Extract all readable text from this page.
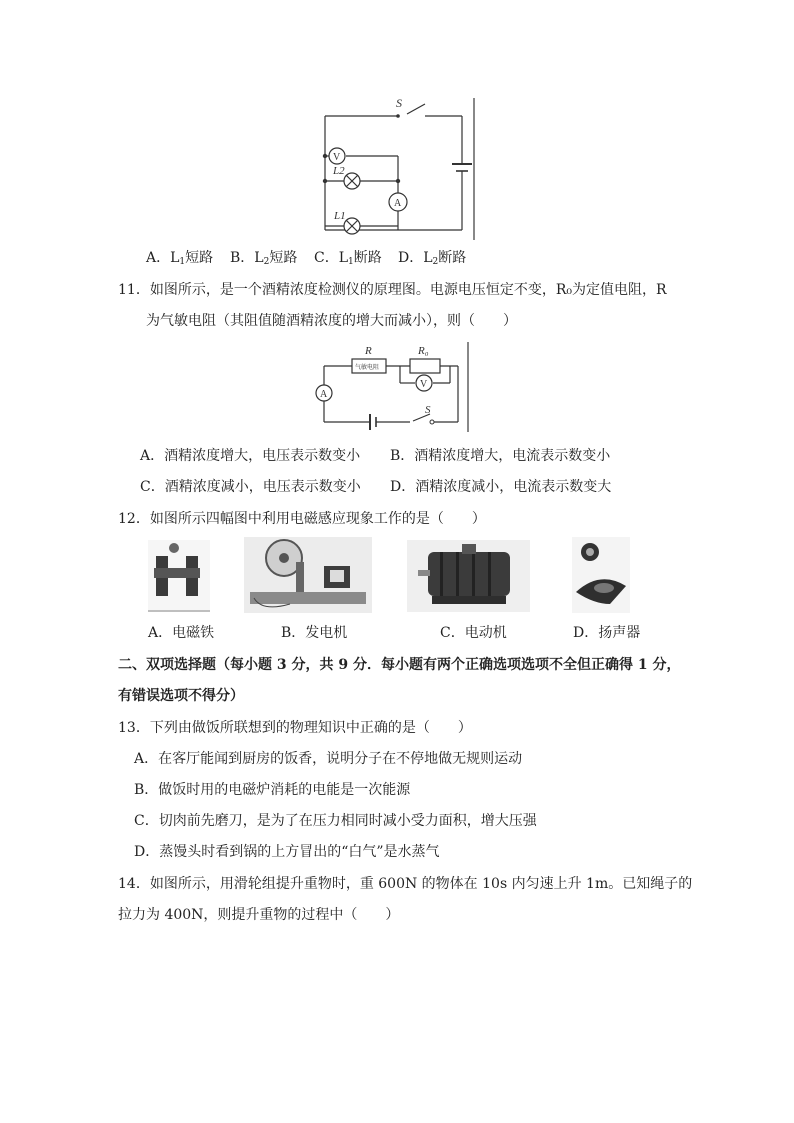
S
V
A
L2
L1
A．$L_1$短路 B．$L_2$短路 C．$L_1$断路 D．$L_2$断路
11．如图所示，是一个酒精浓度检测仪的原理图。电源电压恒定不变，R₀为定值电阻，R
为气敏电阻（其阻值随酒精浓度的增大而减小），则（　　）
R
气敏电阻
R₀
A
V
S
A．酒精浓度增大，电压表示数变小 B．酒精浓度增大，电流表示数变小
C．酒精浓度减小，电压表示数变小 D．酒精浓度减小，电流表示数变大
12．如图所示四幅图中利用电磁感应现象工作的是（　　）
A．电磁铁	B．发电机	C．电动机	D．扬声器
二、双项选择题（每小题 3 分，共 9 分．每小题有两个正确选项选项不全但正确得 1 分，
有错误选项不得分）
13．下列由做饭所联想到的物理知识中正确的是（　　）
A．在客厅能闻到厨房的饭香，说明分子在不停地做无规则运动
B．做饭时用的电磁炉消耗的电能是一次能源
C．切肉前先磨刀，是为了在压力相同时减小受力面积，增大压强
D．蒸馒头时看到锅的上方冒出的“白气”是水蒸气
14．如图所示，用滑轮组提升重物时，重 600N 的物体在 10s 内匀速上升 1m。已知绳子的
拉力为 400N，则提升重物的过程中（　　）
